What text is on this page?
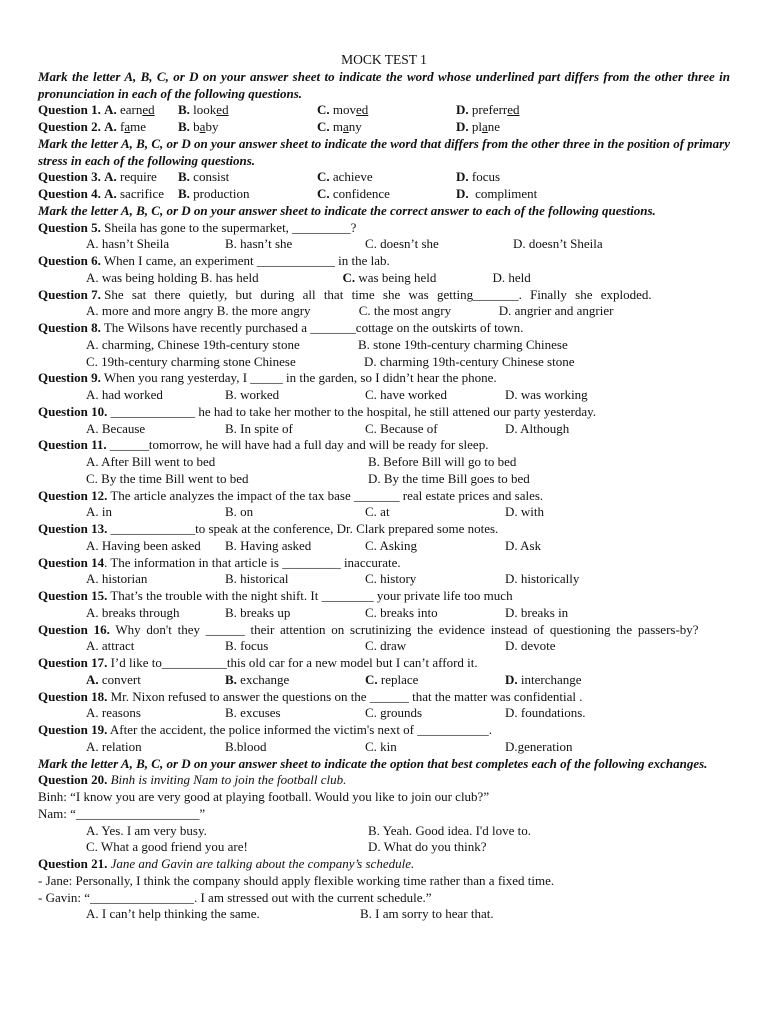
MOCK TEST 1
Mark the letter A, B, C, or D on your answer sheet to indicate the word whose underlined part differs from the other three in pronunciation in each of the following questions.
Question 1. A. earned	B. looked	C. moved	D. preferred
Question 2. A. fame	B. baby	C. many	D. plane
Mark the letter A, B, C, or D on your answer sheet to indicate the word that differs from the other three in the position of primary stress in each of the following questions.
Question 3. A. require	B. consist	C. achieve	D. focus
Question 4. A. sacrifice	B. production	C. confidence	D. compliment
Mark the letter A, B, C, or D on your answer sheet to indicate the correct answer to each of the following questions.
Question 5. Sheila has gone to the supermarket, _________?
A. hasn’t Sheila	B. hasn’t she	C. doesn’t she	D. doesn’t Sheila
Question 6. When I came, an experiment ____________ in the lab.
A. was being holding
B. has held	C. was being held	D. held
Question 7. She sat there quietly, but during all that time she was getting_______. Finally she exploded.
A. more and more angry
B. the more angry	C. the most angry	D. angrier and angrier
Question 8. The Wilsons have recently purchased a _______cottage on the outskirts of town.
A. charming, Chinese 19th-century stone	B. stone 19th-century charming Chinese
C. 19th-century charming stone Chinese	D. charming 19th-century Chinese stone
Question 9. When you rang yesterday, I _____ in the garden, so I didn’t hear the phone.
A. had worked	B. worked	C. have worked	D. was working
Question 10. _____________ he had to take her mother to the hospital, he still attened our party yesterday.
A. Because	B. In spite of	C. Because of	D. Although
Question 11. ______tomorrow, he will have had a full day and will be ready for sleep.
A. After Bill went to bed	B. Before Bill will go to bed
C. By the time Bill went to bed	D. By the time Bill goes to bed
Question 12. The article analyzes the impact of the tax base _______ real estate prices and sales.
A. in	B. on	C. at	D. with
Question 13. _____________to speak at the conference, Dr. Clark prepared some notes.
A. Having been asked	B. Having asked	C. Asking	D. Ask
Question 14. The information in that article is _________ inaccurate.
A. historian	B. historical	C. history	D. historically
Question 15. That’s the trouble with the night shift. It ________ your private life too much
A. breaks through	B. breaks up	C. breaks into	D. breaks in
Question 16. Why don't they ______ their attention on scrutinizing the evidence instead of questioning the passers-by?
A. attract	B. focus	C. draw	D. devote
Question 17. I’d like to__________this old car for a new model but I can’t afford it.
A. convert	B. exchange	C. replace	D. interchange
Question 18. Mr. Nixon refused to answer the questions on the ______ that the matter was confidential .
A. reasons	B. excuses	C. grounds	D. foundations.
Question 19. After the accident, the police informed the victim's next of ___________.
A. relation	B.blood	C. kin	D.generation
Mark the letter A, B, C, or D on your answer sheet to indicate the option that best completes each of the following exchanges.
Question 20. Binh is inviting Nam to join the football club.
Binh: “I know you are very good at playing football. Would you like to join our club?”
Nam: “___________________”
A. Yes. I am very busy.	B. Yeah. Good idea. I'd love to.
C. What a good friend you are!	D. What do you think?
Question 21. Jane and Gavin are talking about the company’s schedule.
- Jane: Personally, I think the company should apply flexible working time rather than a fixed time.
- Gavin: “________________. I am stressed out with the current schedule.”
A. I can’t help thinking the same.	B. I am sorry to hear that.
